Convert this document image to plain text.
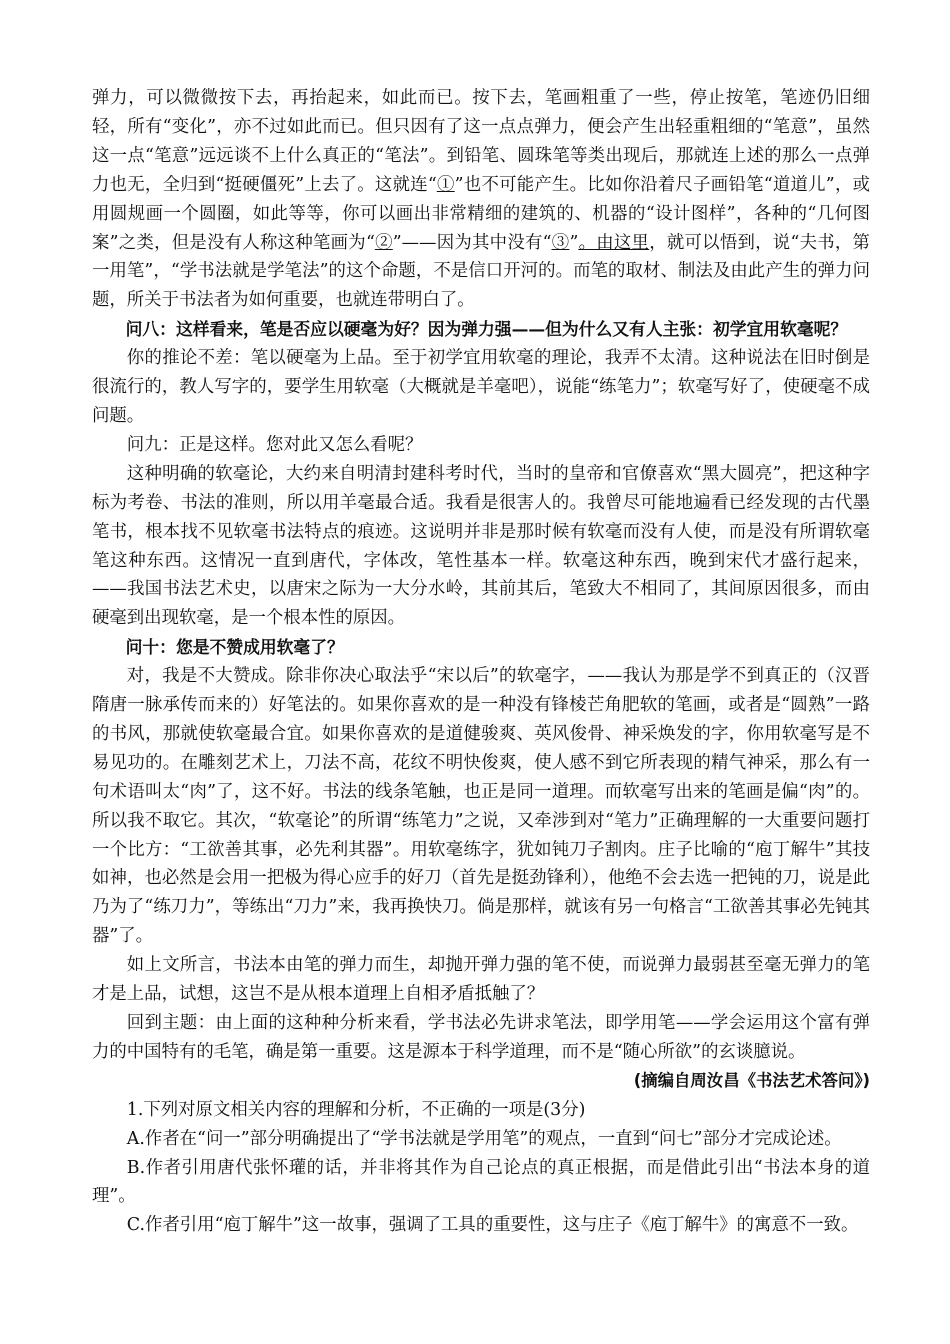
弹力，可以微微按下去，再抬起来，如此而已。按下去，笔画粗重了一些，停止按笔，笔迹仍旧细轻，所有“变化”，亦不过如此而已。但只因有了这一点点弹力，便会产生出轻重粗细的“笔意”，虽然这一点“笔意”远远谈不上什么真正的“笔法”。到铅笔、圆珠笔等类出现后，那就连上述的那么一点弹力也无，全归到“挺硬僵死”上去了。这就连“①”也不可能产生。比如你沿着尺子画铅笔“道道儿”，或用圆规画一个圆圈，如此等等，你可以画出非常精细的建筑的、机器的“设计图样”，各种的“几何图案”之类，但是没有人称这种笔画为“②”——因为其中没有“③”。由这里，就可以悟到，说“夫书，第一用笔”，“学书法就是学笔法”的这个命题，不是信口开河的。而笔的取材、制法及由此产生的弹力问题，所关于书法者为如何重要，也就连带明白了。

问八：这样看来，笔是否应以硬毫为好？因为弹力强——但为什么又有人主张：初学宜用软毫呢？

你的推论不差：笔以硬毫为上品。至于初学宜用软毫的理论，我弄不太清。这种说法在旧时倒是很流行的，教人写字的，要学生用软毫（大概就是羊毫吧），说能“练笔力”；软毫写好了，使硬毫不成问题。

问九：正是这样。您对此又怎么看呢？

这种明确的软毫论，大约来自明清封建科考时代，当时的皇帝和官僚喜欢“黑大圆亮”，把这种字标为考卷、书法的准则，所以用羊毫最合适。我看是很害人的。我曾尽可能地遍看已经发现的古代墨笔书，根本找不见软毫书法特点的痕迹。这说明并非是那时候有软毫而没有人使，而是没有所谓软毫笔这种东西。这情况一直到唐代，字体改，笔性基本一样。软毫这种东西，晚到宋代才盛行起来，——我国书法艺术史，以唐宋之际为一大分水岭，其前其后，笔致大不相同了，其间原因很多，而由硬毫到出现软毫，是一个根本性的原因。

问十：您是不赞成用软毫了？

对，我是不大赞成。除非你决心取法乎“宋以后”的软毫字，——我认为那是学不到真正的（汉晋隋唐一脉承传而来的）好笔法的。如果你喜欢的是一种没有锋棱芒角肥软的笔画，或者是“圆熟”一路的书风，那就使软毫最合宜。如果你喜欢的是道健骏爽、英风俊骨、神采焕发的字，你用软毫写是不易见功的。在雕刻艺术上，刀法不高，花纹不明快俊爽，使人感不到它所表现的精气神采，那么有一句术语叫太“肉”了，这不好。书法的线条笔触，也正是同一道理。而软毫写出来的笔画是偏“肉”的。所以我不取它。其次，“软毫论”的所谓“练笔力”之说，又牵涉到对“笔力”正确理解的一大重要问题打一个比方：“工欲善其事，必先利其器”。用软毫练字，犹如钝刀子割肉。庄子比喻的“庖丁解牛”其技如神，也必然是会用一把极为得心应手的好刀（首先是挺劲锋利），他绝不会去选一把钝的刀，说是此乃为了“练刀力”，等练出“刀力”来，我再换快刀。倘是那样，就该有另一句格言“工欲善其事必先钝其器”了。

如上文所言，书法本由笔的弹力而生，却抛开弹力强的笔不使，而说弹力最弱甚至毫无弹力的笔才是上品，试想，这岂不是从根本道理上自相矛盾抵触了？

回到主题：由上面的这种种分析来看，学书法必先讲求笔法，即学用笔——学会运用这个富有弹力的中国特有的毛笔，确是第一重要。这是源本于科学道理，而不是“随心所欲”的玄谈臆说。

(摘编自周汝昌《书法艺术答问》)

1.下列对原文相关内容的理解和分析，不正确的一项是(3分)

A.作者在“问一”部分明确提出了“学书法就是学用笔”的观点，一直到“问七”部分才完成论述。

B.作者引用唐代张怀瓘的话，并非将其作为自己论点的真正根据，而是借此引出“书法本身的道理”。

C.作者引用“庖丁解牛”这一故事，强调了工具的重要性，这与庄子《庖丁解牛》的寓意不一致。
